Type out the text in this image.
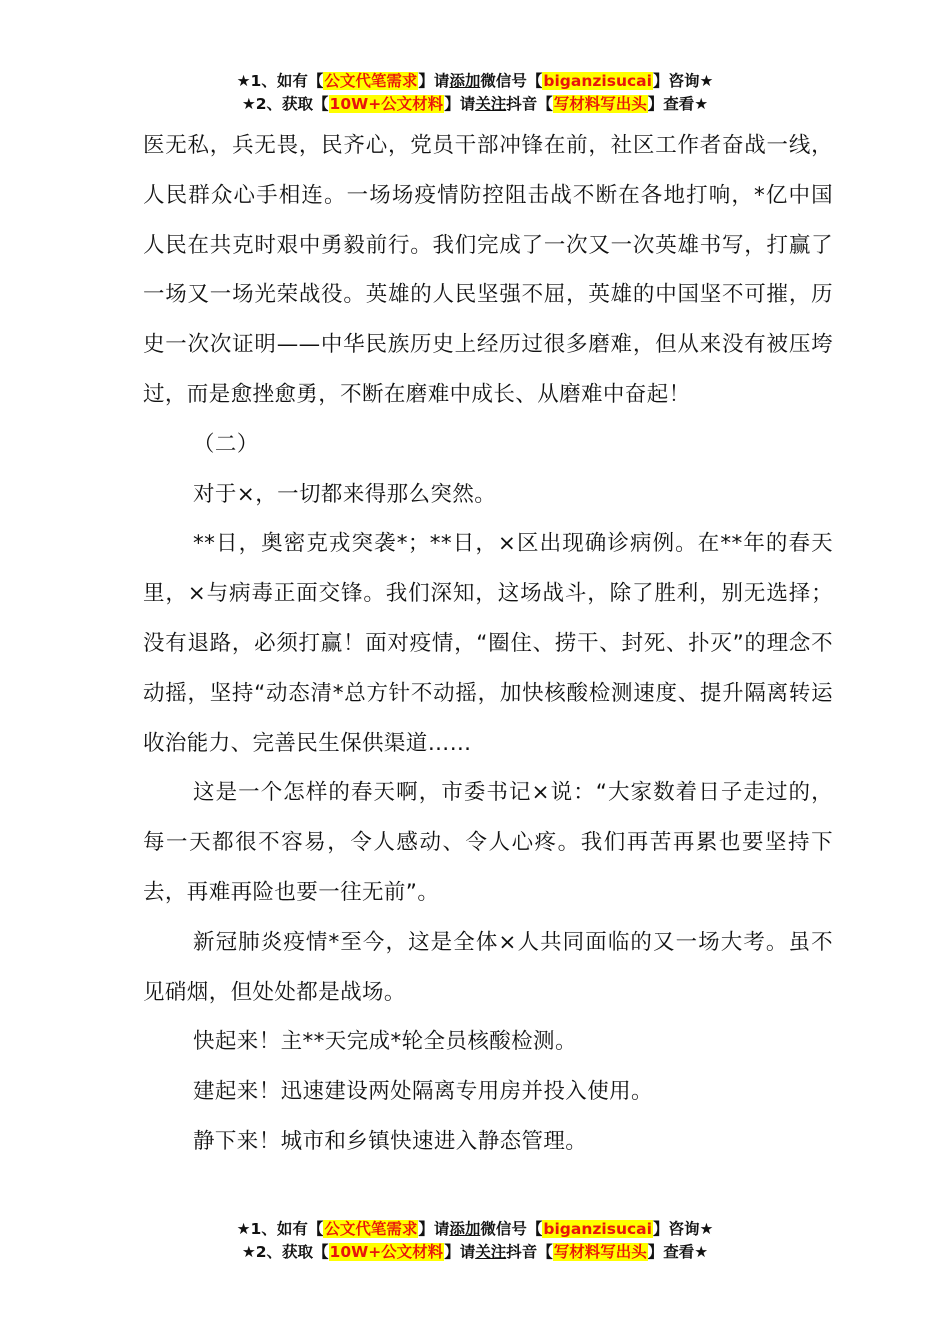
★1、如有【公文代笔需求】请添加微信号【biganzisucai】咨询★
★2、获取【10W+公文材料】请关注抖音【写材料写出头】查看★

医无私，兵无畏，民齐心，党员干部冲锋在前，社区工作者奋战一线，人民群众心手相连。一场场疫情防控阻击战不断在各地打响，*亿中国人民在共克时艰中勇毅前行。我们完成了一次又一次英雄书写，打赢了一场又一场光荣战役。英雄的人民坚强不屈，英雄的中国坚不可摧，历史一次次证明——中华民族历史上经历过很多磨难，但从来没有被压垮过，而是愈挫愈勇，不断在磨难中成长、从磨难中奋起！

（二）

对于×，一切都来得那么突然。

**日，奥密克戎突袭*；**日，×区出现确诊病例。在**年的春天里，×与病毒正面交锋。我们深知，这场战斗，除了胜利，别无选择；没有退路，必须打赢！面对疫情，“圈住、捞干、封死、扑灭”的理念不动摇，坚持“动态清*总方针不动摇，加快核酸检测速度、提升隔离转运收治能力、完善民生保供渠道……

这是一个怎样的春天啊，市委书记×说：“大家数着日子走过的，每一天都很不容易，令人感动、令人心疼。我们再苦再累也要坚持下去，再难再险也要一往无前”。

新冠肺炎疫情*至今，这是全体×人共同面临的又一场大考。虽不见硝烟，但处处都是战场。

快起来！主**天完成*轮全员核酸检测。

建起来！迅速建设两处隔离专用房并投入使用。

静下来！城市和乡镇快速进入静态管理。

★1、如有【公文代笔需求】请添加微信号【biganzisucai】咨询★
★2、获取【10W+公文材料】请关注抖音【写材料写出头】查看★
